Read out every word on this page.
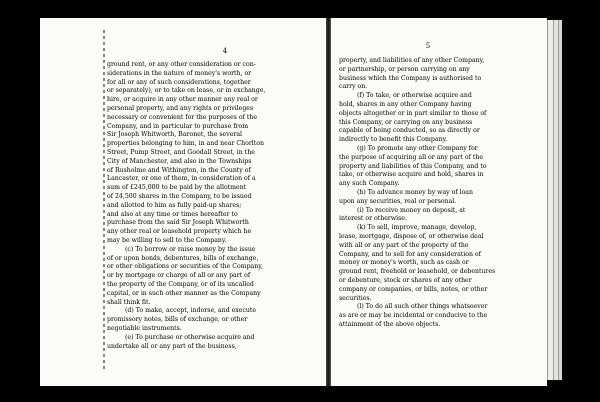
4
5
ground rent, or any other consideration or con-
siderations in the nature of money's worth, or
for all or any of such considerations, together
or separately), or to take on lease, or in exchange,
hire, or acquire in any other manner any real or
personal property, and any rights or privileges
necessary or convenient for the purposes of the
Company, and in particular to purchase from
Sir Joseph Whitworth, Baronet, the several
properties belonging to him, in and near Chorlton
Street, Pump Street, and Goodall Street, in the
City of Manchester, and also in the Townships
of Rusholme and Withington, in the County of
Lancaster, or one of them, in consideration of a
sum of £245,000 to be paid by the allotment
of 24,500 shares in the Company, to be issued
and allotted to him as fully paid-up shares;
and also at any time or times hereafter to
purchase from the said Sir Joseph Whitworth
any other real or leasehold property which he
may be willing to sell to the Company.
(c) To borrow or raise money by the issue
of or upon bonds, debentures, bills of exchange,
or other obligations or securities of the Company,
or by mortgage or charge of all or any part of
the property of the Company, or of its uncalled
capital, or in such other manner as the Company
shall think fit.
(d) To make, accept, indorse, and execute
promissory notes, bills of exchange, or other
negotiable instruments.
(e) To purchase or otherwise acquire and
undertake all or any part of the business,
property, and liabilities of any other Company,
or partnership, or person carrying on any
business which the Company is authorised to
carry on.
(f) To take, or otherwise acquire and
hold, shares in any other Company having
objects altogether or in part similar to those of
this Company, or carrying on any business
capable of being conducted, so as directly or
indirectly to benefit this Company.
(g) To promote any other Company for
the purpose of acquiring all or any part of the
property and liabilities of this Company, and to
take, or otherwise acquire and hold, shares in
any such Company.
(h) To advance money by way of loan
upon any securities, real or personal.
(i) To receive money on deposit, at
interest or otherwise.
(k) To sell, improve, manage, develop,
lease, mortgage, dispose of, or otherwise deal
with all or any part of the property of the
Company, and to sell for any consideration of
money or money's worth, such as cash or
ground rent, freehold or leasehold, or debentures
or debenture, stock or shares of any other
company or companies, or bills, notes, or other
securities.
(l) To do all such other things whatsoever
as are or may be incidental or conducive to the
attainment of the above objects.
